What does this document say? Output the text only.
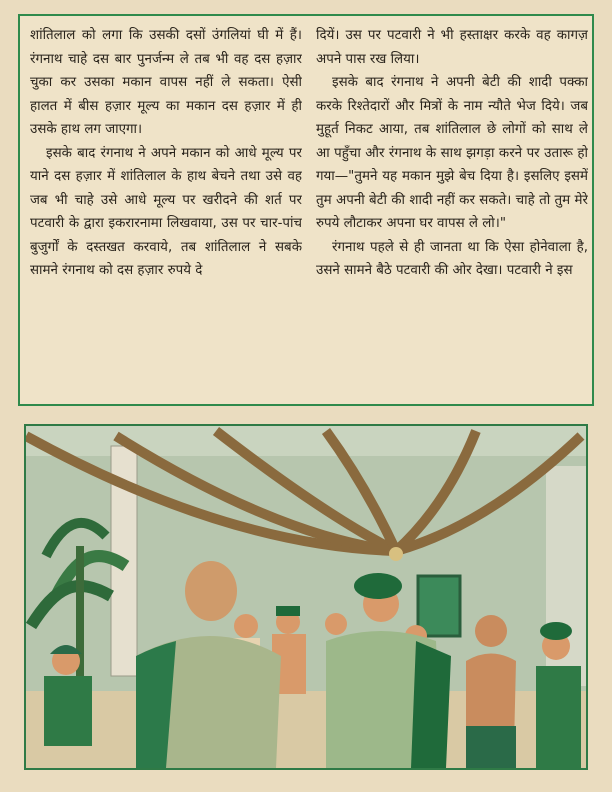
शांतिलाल को लगा कि उसकी दसों उंगलियां घी में हैं। रंगनाथ चाहे दस बार पुनर्जन्म ले तब भी वह दस हज़ार चुका कर उसका मकान वापस नहीं ले सकता। ऐसी हालत में बीस हज़ार मूल्य का मकान दस हज़ार में ही उसके हाथ लग जाएगा।

इसके बाद रंगनाथ ने अपने मकान को आधे मूल्य पर याने दस हज़ार में शांतिलाल के हाथ बेचने तथा उसे वह जब भी चाहे उसे आधे मूल्य पर खरीदने की शर्त पर पटवारी के द्वारा इकरारनामा लिखवाया, उस पर चार-पांच बुजुर्गों के दस्तखत करवाये, तब शांतिलाल ने सबके सामने रंगनाथ को दस हज़ार रुपये दे

दियें। उस पर पटवारी ने भी हस्ताक्षर करके वह कागज़ अपने पास रख लिया।

इसके बाद रंगनाथ ने अपनी बेटी की शादी पक्का करके रिश्तेदारों और मित्रों के नाम न्यौते भेज दिये। जब मुहूर्त निकट आया, तब शांतिलाल छे लोगों को साथ ले आ पहुँचा और रंगनाथ के साथ झगड़ा करने पर उतारू हो गया—"तुमने यह मकान मुझे बेच दिया है। इसलिए इसमें तुम अपनी बेटी की शादी नहीं कर सकते। चाहे तो तुम मेरे रुपये लौटाकर अपना घर वापस ले लो।"

रंगनाथ पहले से ही जानता था कि ऐसा होनेवाला है, उसने सामने बैठे पटवारी की ओर देखा। पटवारी ने इस
